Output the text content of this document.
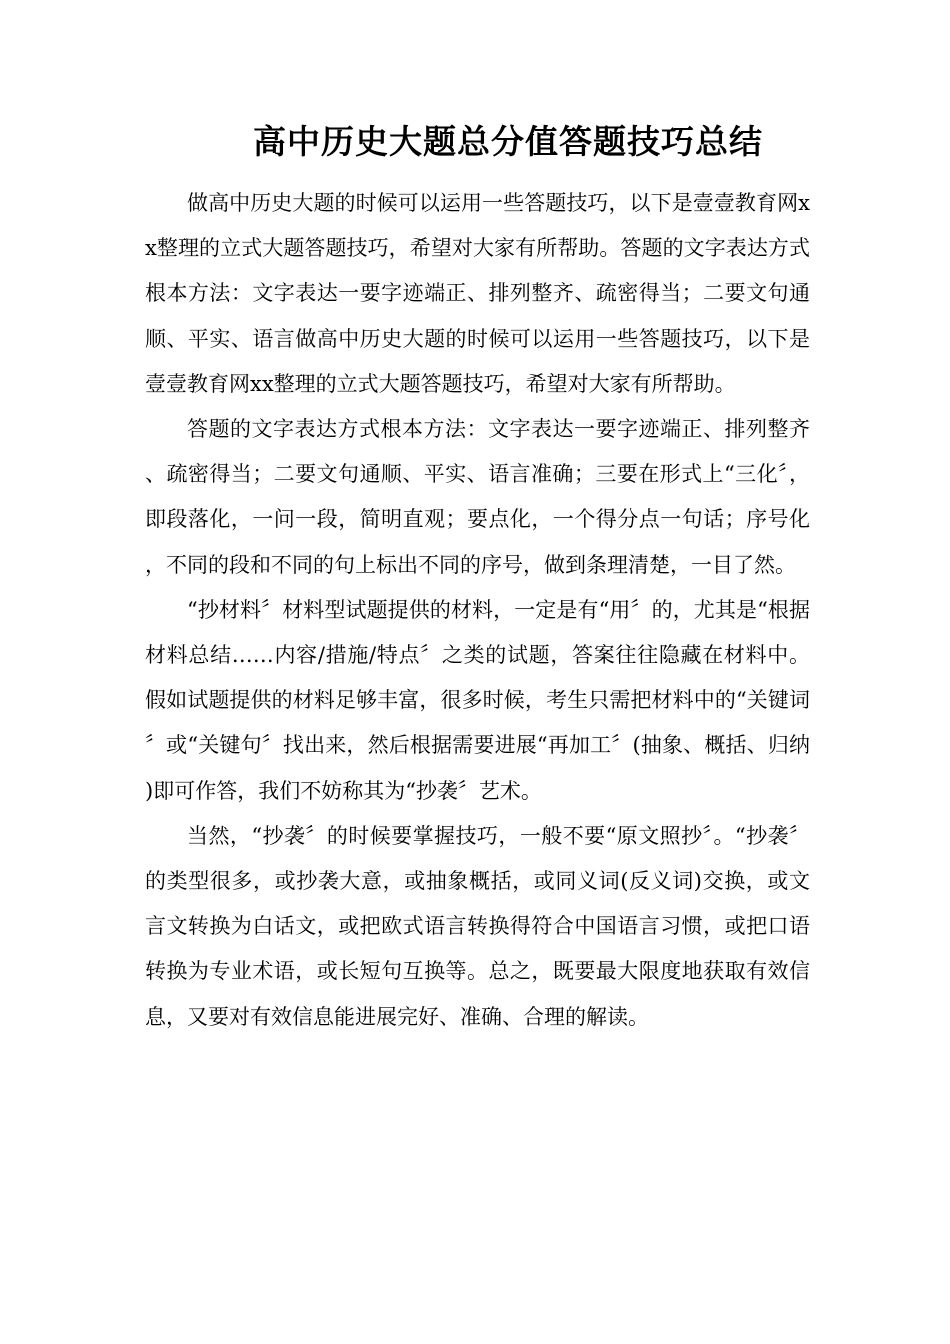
高中历史大题总分值答题技巧总结

做高中历史大题的时候可以运用一些答题技巧，以下是壹壹教育网xx整理的立式大题答题技巧，希望对大家有所帮助。答题的文字表达方式根本方法：文字表达一要字迹端正、排列整齐、疏密得当；二要文句通顺、平实、语言做高中历史大题的时候可以运用一些答题技巧，以下是壹壹教育网xx整理的立式大题答题技巧，希望对大家有所帮助。

答题的文字表达方式根本方法：文字表达一要字迹端正、排列整齐、疏密得当；二要文句通顺、平实、语言准确；三要在形式上“三化〞，即段落化，一问一段，简明直观；要点化，一个得分点一句话；序号化，不同的段和不同的句上标出不同的序号，做到条理清楚，一目了然。

“抄材料〞材料型试题提供的材料，一定是有“用〞的，尤其是“根据材料总结……内容/措施/特点〞之类的试题，答案往往隐藏在材料中。假如试题提供的材料足够丰富，很多时候，考生只需把材料中的“关键词〞或“关键句〞找出来，然后根据需要进展“再加工〞(抽象、概括、归纳)即可作答，我们不妨称其为“抄袭〞艺术。

当然，“抄袭〞的时候要掌握技巧，一般不要“原文照抄〞。“抄袭〞的类型很多，或抄袭大意，或抽象概括，或同义词(反义词)交换，或文言文转换为白话文，或把欧式语言转换得符合中国语言习惯，或把口语转换为专业术语，或长短句互换等。总之，既要最大限度地获取有效信息，又要对有效信息能进展完好、准确、合理的解读。
